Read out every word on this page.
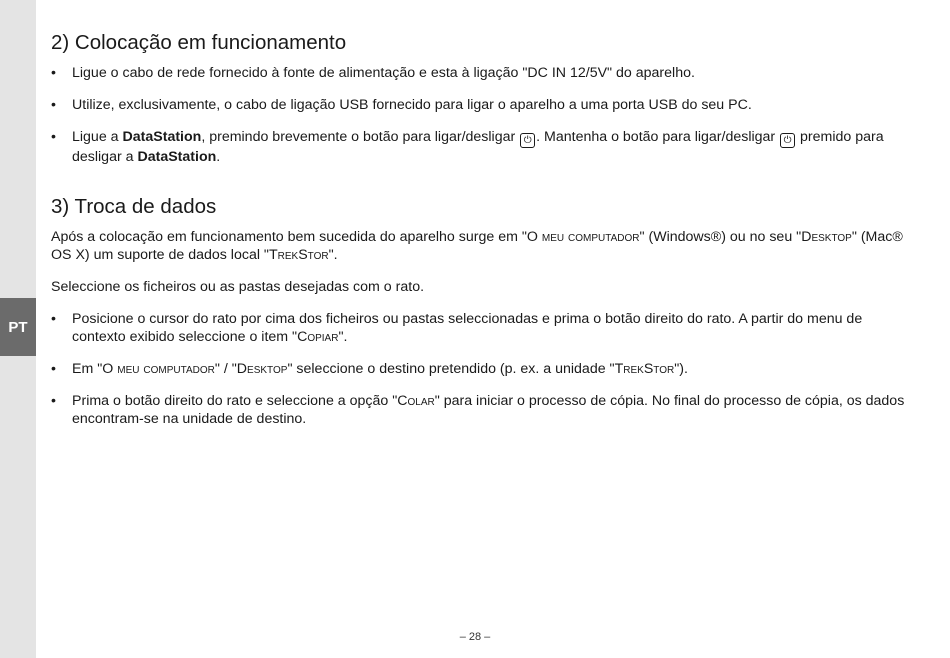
PT
2) Colocação em funcionamento
• Ligue o cabo de rede fornecido à fonte de alimentação e esta à ligação "DC IN 12/5V" do aparelho.
• Utilize, exclusivamente, o cabo de ligação USB fornecido para ligar o aparelho a uma porta USB do seu PC.
• Ligue a DataStation, premindo brevemente o botão para ligar/desligar ⏻ . Mantenha o botão para ligar/desligar ⏻ premido para desligar a DataStation.
3) Troca de dados

Após a colocação em funcionamento bem sucedida do aparelho surge em "O meu computador" (Windows®) ou no seu "Desktop" (Mac® OS X) um suporte de dados local "TrekStor".

Seleccione os ficheiros ou as pastas desejadas com o rato.

• Posicione o cursor do rato por cima dos ficheiros ou pastas seleccionadas e prima o botão direito do rato. A partir do menu de contexto exibido seleccione o item "Copiar".
• Em "O meu computador" / "Desktop" seleccione o destino pretendido (p. ex. a unidade "TrekStor").
• Prima o botão direito do rato e seleccione a opção "Colar" para iniciar o processo de cópia. No final do processo de cópia, os dados encontram-se na unidade de destino.
– 28 –
